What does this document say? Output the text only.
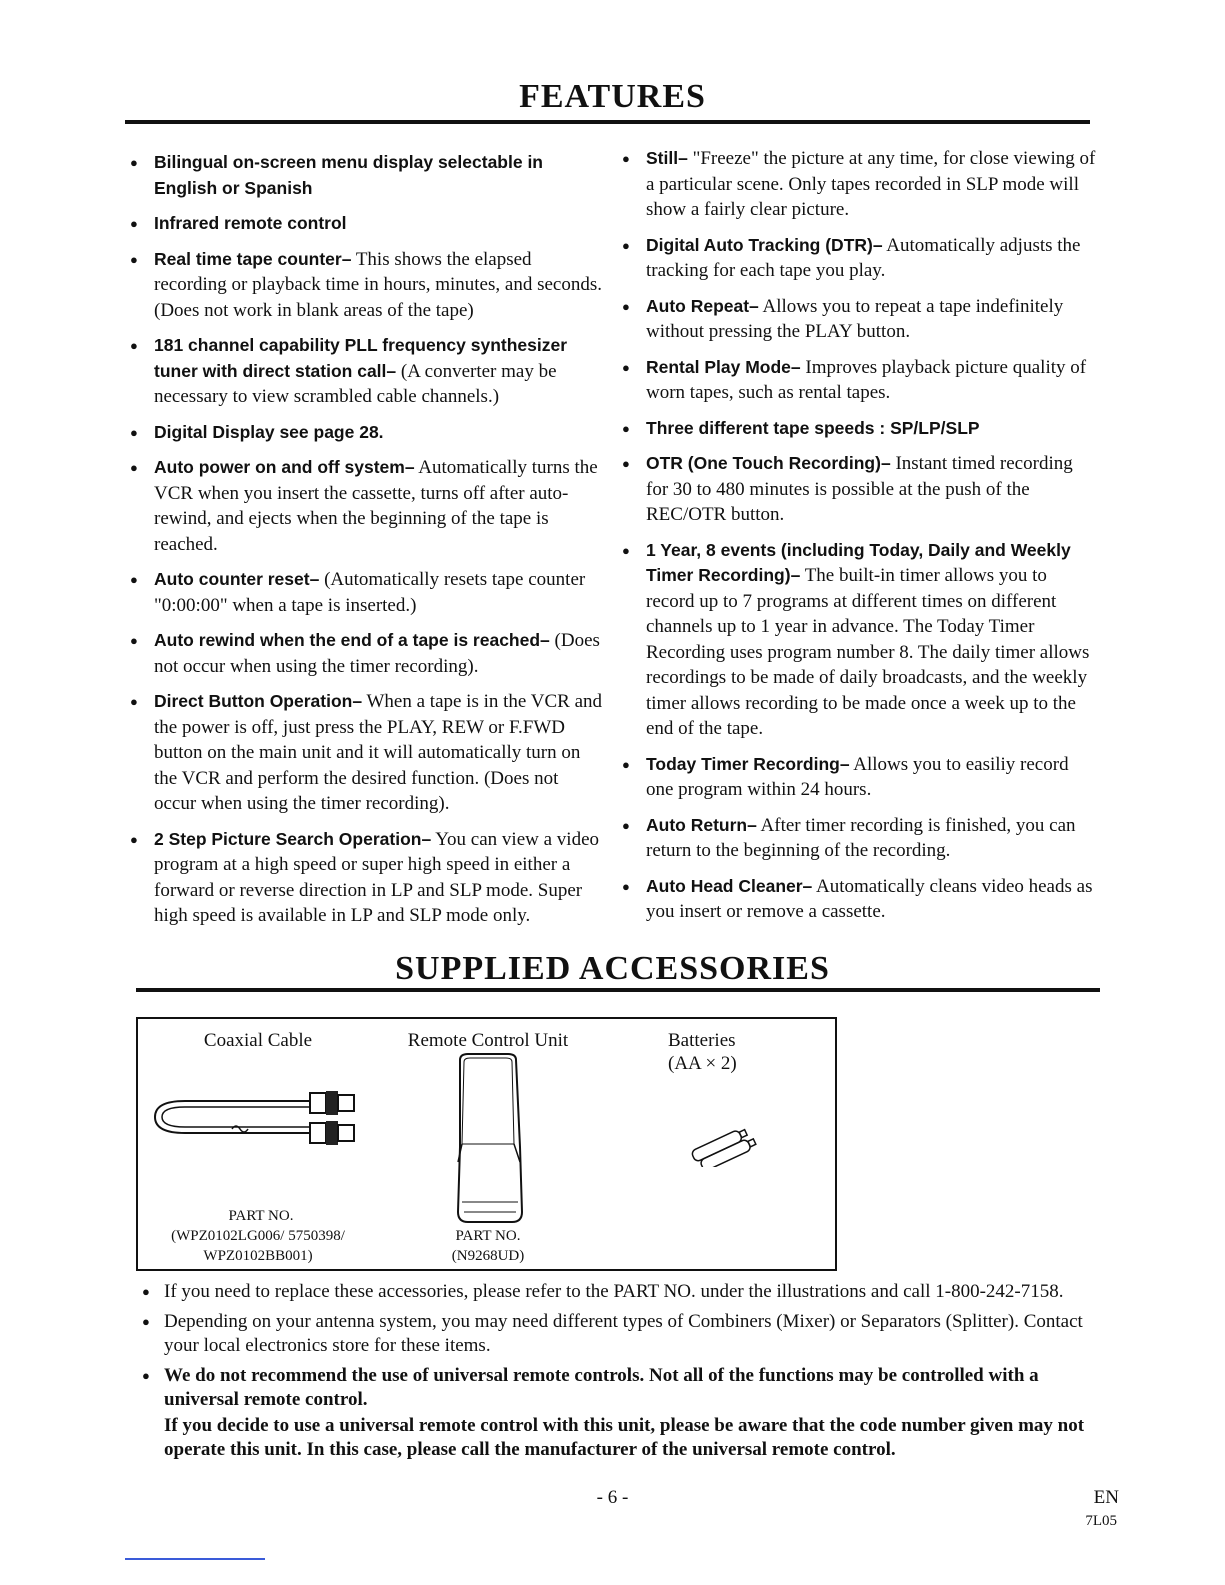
FEATURES
● Bilingual on-screen menu display selectable in English or Spanish
● Infrared remote control
● Real time tape counter– This shows the elapsed recording or playback time in hours, minutes, and seconds. (Does not work in blank areas of the tape)
● 181 channel capability PLL frequency synthesizer tuner with direct station call– (A converter may be necessary to view scrambled cable channels.)
● Digital Display see page 28.
● Auto power on and off system– Automatically turns the VCR when you insert the cassette, turns off after auto-rewind, and ejects when the beginning of the tape is reached.
● Auto counter reset– (Automatically resets tape counter "0:00:00" when a tape is inserted.)
● Auto rewind when the end of a tape is reached– (Does not occur when using the timer recording).
● Direct Button Operation– When a tape is in the VCR and the power is off, just press the PLAY, REW or F.FWD button on the main unit and it will automatically turn on the VCR and perform the desired function. (Does not occur when using the timer recording).
● 2 Step Picture Search Operation– You can view a video program at a high speed or super high speed in either a forward or reverse direction in LP and SLP mode. Super high speed is available in LP and SLP mode only.
● Still– "Freeze" the picture at any time, for close viewing of a particular scene. Only tapes recorded in SLP mode will show a fairly clear picture.
● Digital Auto Tracking (DTR)– Automatically adjusts the tracking for each tape you play.
● Auto Repeat– Allows you to repeat a tape indefinitely without pressing the PLAY button.
● Rental Play Mode– Improves playback picture quality of worn tapes, such as rental tapes.
● Three different tape speeds : SP/LP/SLP
● OTR (One Touch Recording)– Instant timed recording for 30 to 480 minutes is possible at the push of the REC/OTR button.
● 1 Year, 8 events (including Today, Daily and Weekly Timer Recording)– The built-in timer allows you to record up to 7 programs at different times on different channels up to 1 year in advance. The Today Timer Recording uses program number 8. The daily timer allows recordings to be made of daily broadcasts, and the weekly timer allows recording to be made once a week up to the end of the tape.
● Today Timer Recording– Allows you to easiliy record one program within 24 hours.
● Auto Return– After timer recording is finished, you can return to the beginning of the recording.
● Auto Head Cleaner– Automatically cleans video heads as you insert or remove a cassette.
SUPPLIED ACCESSORIES
Coaxial Cable
PART NO.
(WPZ0102LG006/ 5750398/
WPZ0102BB001)
Remote Control Unit
PART NO.
(N9268UD)
Batteries
(AA × 2)
● If you need to replace these accessories, please refer to the PART NO. under the illustrations and call 1-800-242-7158.
● Depending on your antenna system, you may need different types of Combiners (Mixer) or Separators (Splitter). Contact your local electronics store for these items.
● We do not recommend the use of universal remote controls. Not all of the functions may be controlled with a universal remote control.
If you decide to use a universal remote control with this unit, please be aware that the code number given may not operate this unit. In this case, please call the manufacturer of the universal remote control.
- 6 -	EN
7L05
